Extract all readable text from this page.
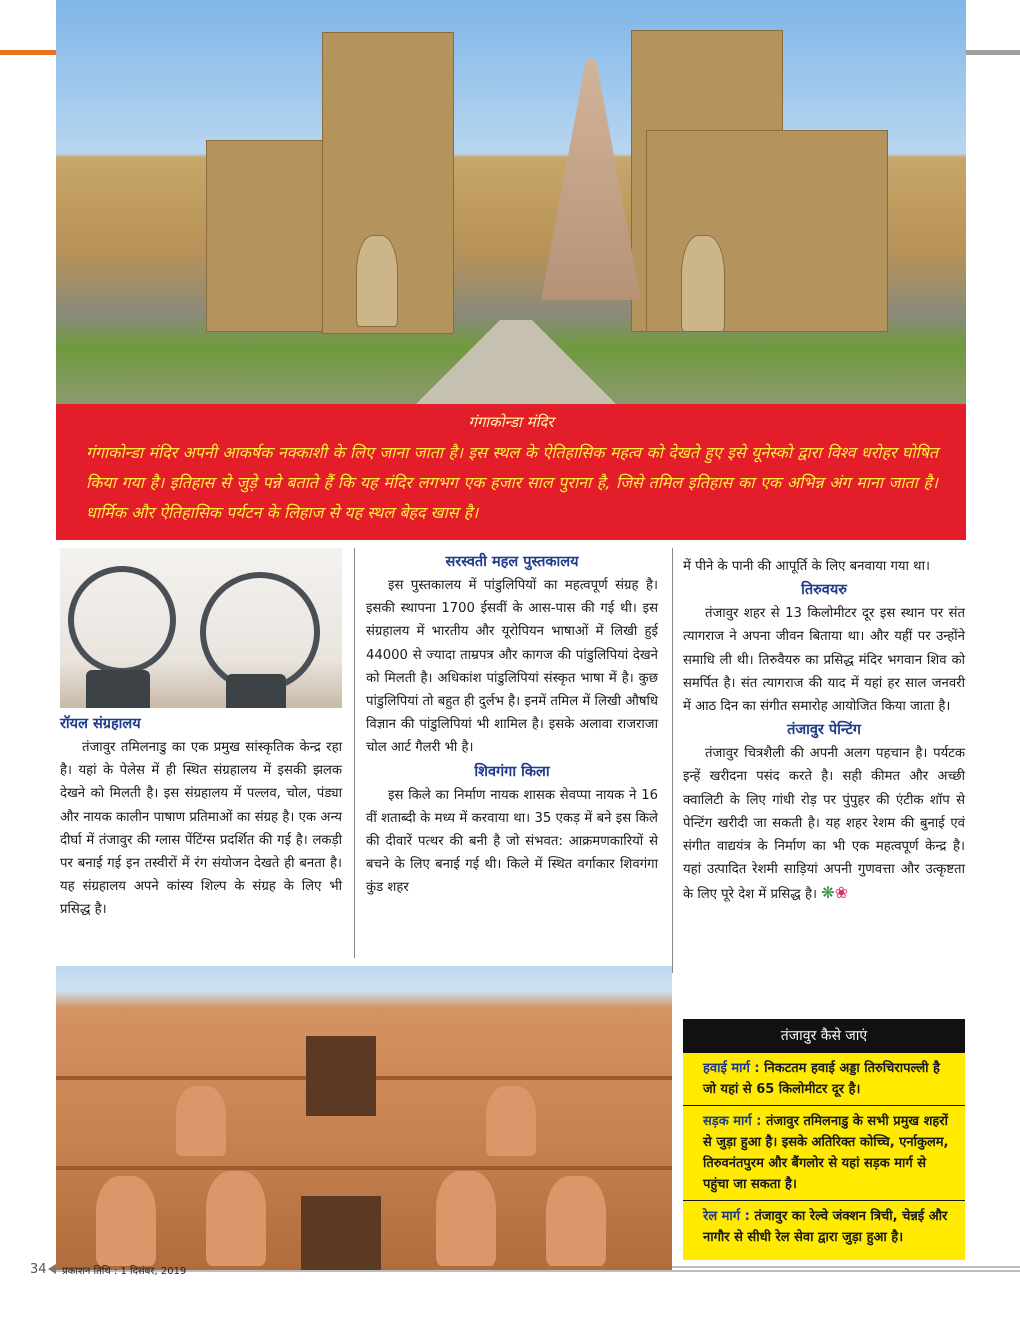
गंगाकोन्डा मंदिर
गंगाकोन्डा मंदिर अपनी आकर्षक नक्काशी के लिए जाना जाता है। इस स्थल के ऐतिहासिक महत्व को देखते हुए इसे यूनेस्को द्वारा विश्व धरोहर घोषित किया गया है। इतिहास से जुड़े पन्ने बताते हैं कि यह मंदिर लगभग एक हजार साल पुराना है, जिसे तमिल इतिहास का एक अभिन्न अंग माना जाता है। धार्मिक और ऐतिहासिक पर्यटन के लिहाज से यह स्थल बेहद खास है।
रॉयल संग्रहालय

तंजावुर तमिलनाडु का एक प्रमुख सांस्कृतिक केन्द्र रहा है। यहां के पेलेस में ही स्थित संग्रहालय में इसकी झलक देखने को मिलती है। इस संग्रहालय में पल्लव, चोल, पंड्या और नायक कालीन पाषाण प्रतिमाओं का संग्रह है। एक अन्य दीर्घा में तंजावुर की ग्लास पेंटिंग्स प्रदर्शित की गई है। लकड़ी पर बनाई गई इन तस्वीरों में रंग संयोजन देखते ही बनता है। यह संग्रहालय अपने कांस्य शिल्प के संग्रह के लिए भी प्रसिद्ध है।

सरस्वती महल पुस्तकालय

इस पुस्तकालय में पांडुलिपियों का महत्वपूर्ण संग्रह है। इसकी स्थापना 1700 ईसवीं के आस-पास की गई थी। इस संग्रहालय में भारतीय और यूरोपियन भाषाओं में लिखी हुई 44000 से ज्यादा ताम्रपत्र और कागज की पांडुलिपियां देखने को मिलती है। अधिकांश पांडुलिपियां संस्कृत भाषा में है। कुछ पांडुलिपियां तो बहुत ही दुर्लभ है। इनमें तमिल में लिखी औषधि विज्ञान की पांडुलिपियां भी शामिल है। इसके अलावा राजराजा चोल आर्ट गैलरी भी है।

शिवगंगा किला

इस किले का निर्माण नायक शासक सेवप्पा नायक ने 16 वीं शताब्दी के मध्य में करवाया था। 35 एकड़ में बने इस किले की दीवारें पत्थर की बनी है जो संभवत: आक्रमणकारियों से बचने के लिए बनाई गई थी। किले में स्थित वर्गाकार शिवगंगा कुंड शहर

में पीने के पानी की आपूर्ति के लिए बनवाया गया था।
तिरुवयरु

तंजावुर शहर से 13 किलोमीटर दूर इस स्थान पर संत त्यागराज ने अपना जीवन बिताया था। और यहीं पर उन्होंने समाधि ली थी। तिरुवैयरु का प्रसिद्ध मंदिर भगवान शिव को समर्पित है। संत त्यागराज की याद में यहां हर साल जनवरी में आठ दिन का संगीत समारोह आयोजित किया जाता है।

तंजावुर पेन्टिंग

तंजावुर चित्रशैली की अपनी अलग पहचान है। पर्यटक इन्हें खरीदना पसंद करते है। सही कीमत और अच्छी क्वालिटी के लिए गांधी रोड़ पर पुंपुहर की एंटीक शॉप से पेन्टिंग खरीदी जा सकती है। यह शहर रेशम की बुनाई एवं संगीत वाद्ययंत्र के निर्माण का भी एक महत्वपूर्ण केन्द्र है। यहां उत्पादित रेशमी साड़ियां अपनी गुणवत्ता और उत्कृष्टता के लिए पूरे देश में प्रसिद्ध है। ❋❀

तंजावुर कैसे जाएं
हवाई मार्ग : निकटतम हवाई अड्डा तिरुचिरापल्ली है जो यहां से 65 किलोमीटर दूर है।
सड़क मार्ग : तंजावुर तमिलनाडु के सभी प्रमुख शहरों से जुड़ा हुआ है। इसके अतिरिक्त कोच्चि, एर्नाकुलम, तिरुवनंतपुरम और बैंगलोर से यहां सड़क मार्ग से पहुंचा जा सकता है।
रेल मार्ग : तंजावुर का रेल्वे जंक्शन त्रिची, चेन्नई और नागौर से सीधी रेल सेवा द्वारा जुड़ा हुआ है।
34 प्रकाशन तिथि : 1 दिसंबर, 2019
